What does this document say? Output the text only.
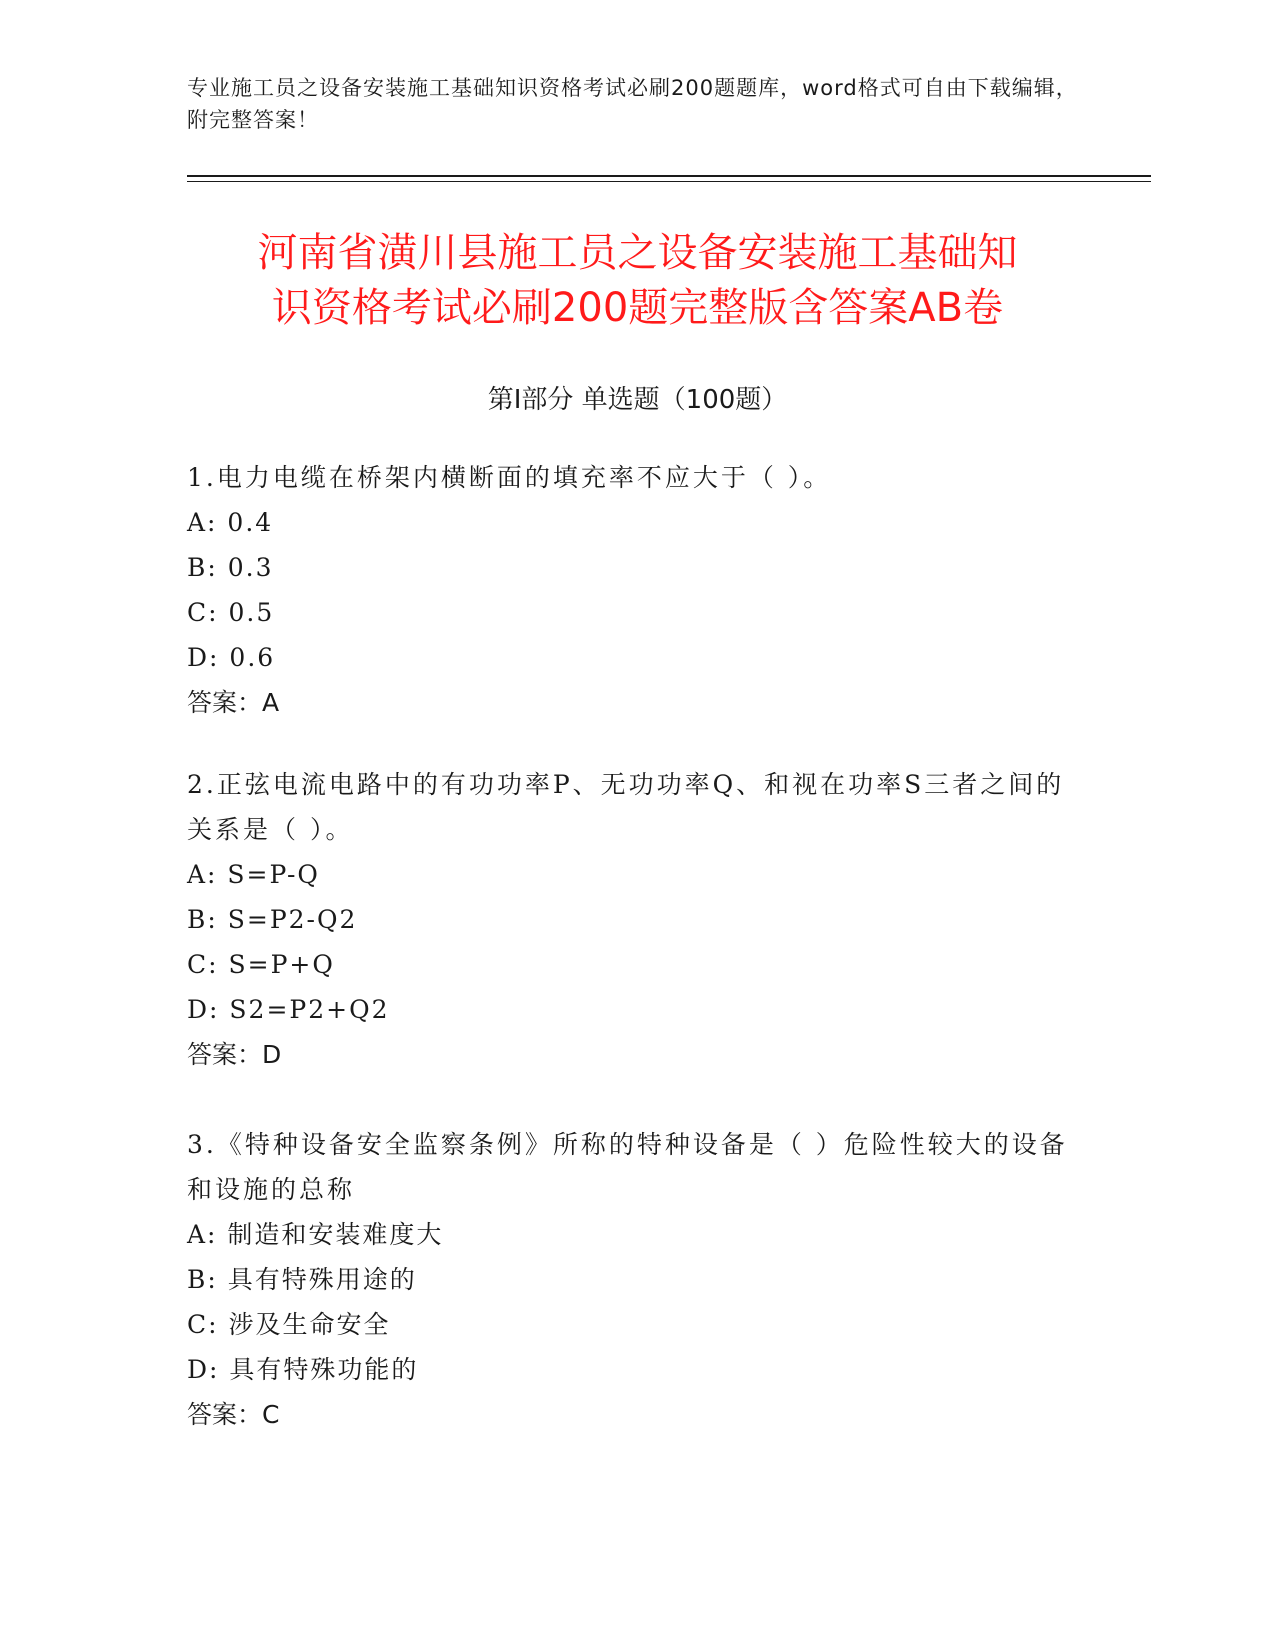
专业施工员之设备安装施工基础知识资格考试必刷200题题库，word格式可自由下载编辑，附完整答案！
河南省潢川县施工员之设备安装施工基础知
识资格考试必刷200题完整版含答案AB卷
第Ⅰ部分 单选题（100题）

1.电力电缆在桥架内横断面的填充率不应大于（ ）。

A: 0.4

B: 0.3

C: 0.5

D: 0.6

答案：A

2.正弦电流电路中的有功功率P、无功功率Q、和视在功率S三者之间的关系是（ ）。

A: S=P-Q

B: S=P2-Q2

C: S=P+Q

D: S2=P2+Q2

答案：D

3.《特种设备安全监察条例》所称的特种设备是（ ）危险性较大的设备和设施的总称

A: 制造和安装难度大

B: 具有特殊用途的

C: 涉及生命安全

D: 具有特殊功能的

答案：C
